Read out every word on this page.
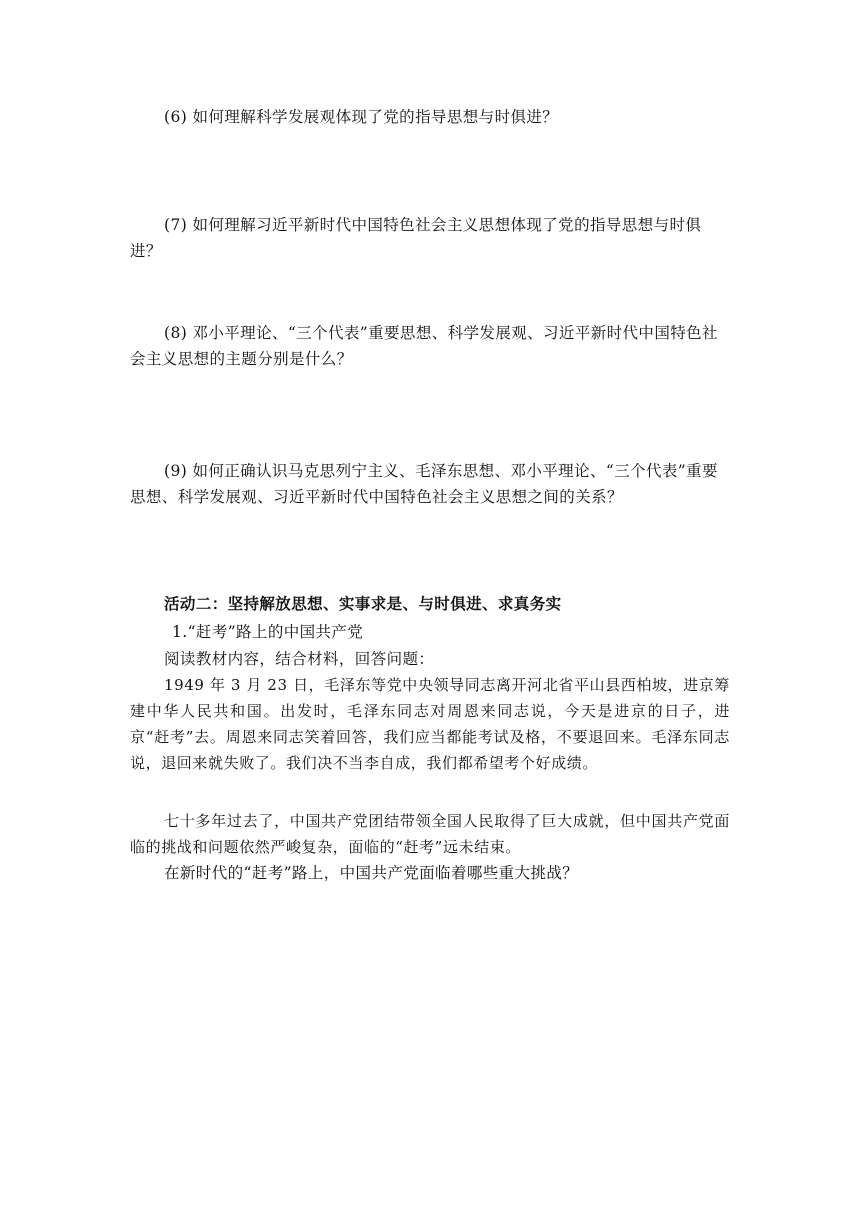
(6) 如何理解科学发展观体现了党的指导思想与时俱进？
(7) 如何理解习近平新时代中国特色社会主义思想体现了党的指导思想与时俱进？
(8) 邓小平理论、“三个代表”重要思想、科学发展观、习近平新时代中国特色社会主义思想的主题分别是什么？
(9) 如何正确认识马克思列宁主义、毛泽东思想、邓小平理论、“三个代表”重要思想、科学发展观、习近平新时代中国特色社会主义思想之间的关系？
活动二：坚持解放思想、实事求是、与时俱进、求真务实
1.“赶考”路上的中国共产党
阅读教材内容，结合材料，回答问题：
1949 年 3 月 23 日，毛泽东等党中央领导同志离开河北省平山县西柏坡，进京筹建中华人民共和国。出发时，毛泽东同志对周恩来同志说，今天是进京的日子，进京“赶考”去。周恩来同志笑着回答，我们应当都能考试及格，不要退回来。毛泽东同志说，退回来就失败了。我们决不当李自成，我们都希望考个好成绩。
七十多年过去了，中国共产党团结带领全国人民取得了巨大成就，但中国共产党面临的挑战和问题依然严峻复杂，面临的“赶考”远未结束。
在新时代的“赶考”路上，中国共产党面临着哪些重大挑战？
